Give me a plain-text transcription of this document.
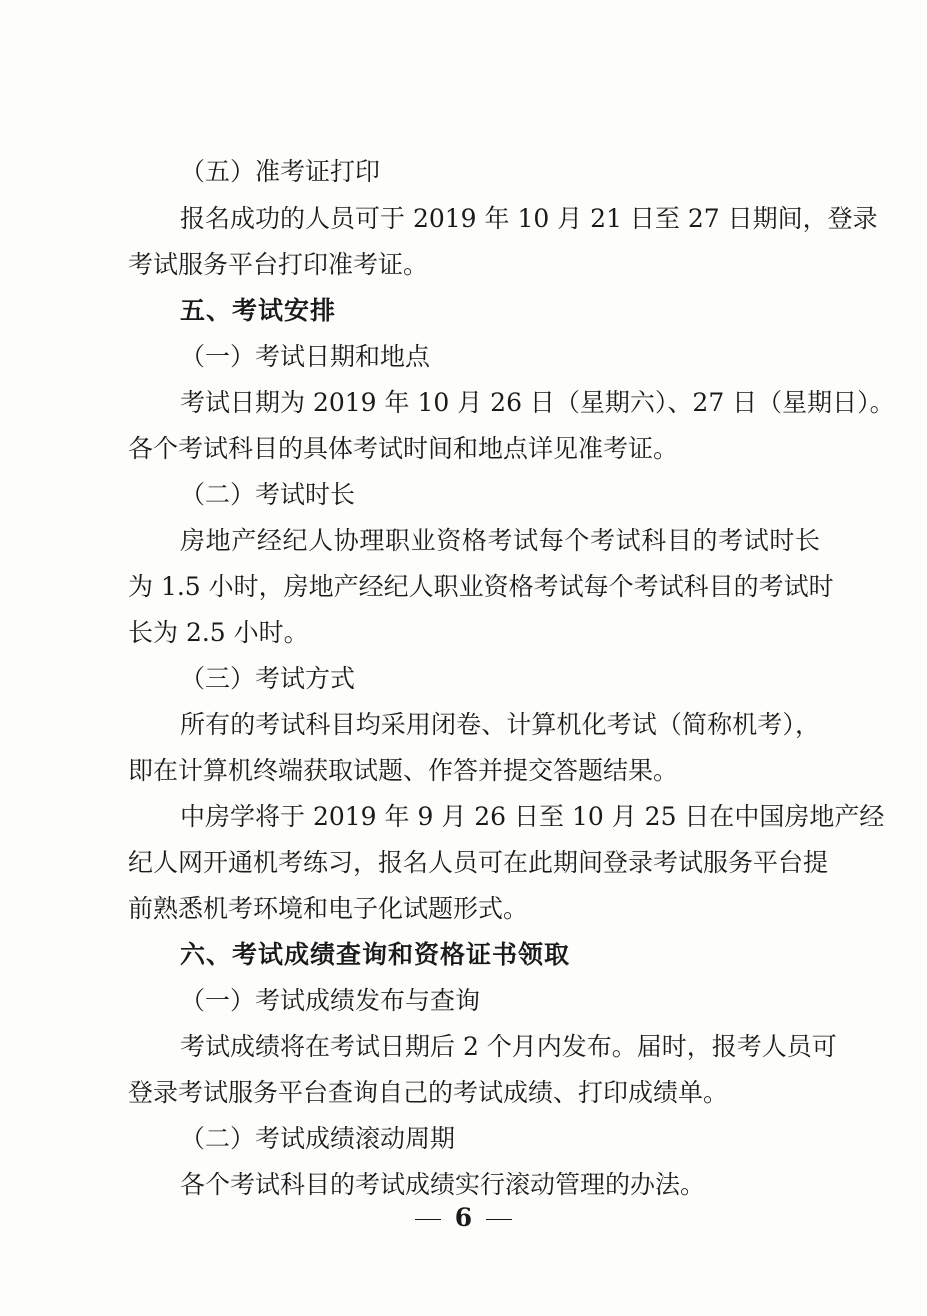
（五）准考证打印
报名成功的人员可于 2019 年 10 月 21 日至 27 日期间，登录
考试服务平台打印准考证。
五、考试安排
（一）考试日期和地点
考试日期为 2019 年 10 月 26 日（星期六）、27 日（星期日）。
各个考试科目的具体考试时间和地点详见准考证。
（二）考试时长
房地产经纪人协理职业资格考试每个考试科目的考试时长
为 1.5 小时，房地产经纪人职业资格考试每个考试科目的考试时
长为 2.5 小时。
（三）考试方式
所有的考试科目均采用闭卷、计算机化考试（简称机考），
即在计算机终端获取试题、作答并提交答题结果。
中房学将于 2019 年 9 月 26 日至 10 月 25 日在中国房地产经
纪人网开通机考练习，报名人员可在此期间登录考试服务平台提
前熟悉机考环境和电子化试题形式。
六、考试成绩查询和资格证书领取
（一）考试成绩发布与查询
考试成绩将在考试日期后 2 个月内发布。届时，报考人员可
登录考试服务平台查询自己的考试成绩、打印成绩单。
（二）考试成绩滚动周期
各个考试科目的考试成绩实行滚动管理的办法。
6
